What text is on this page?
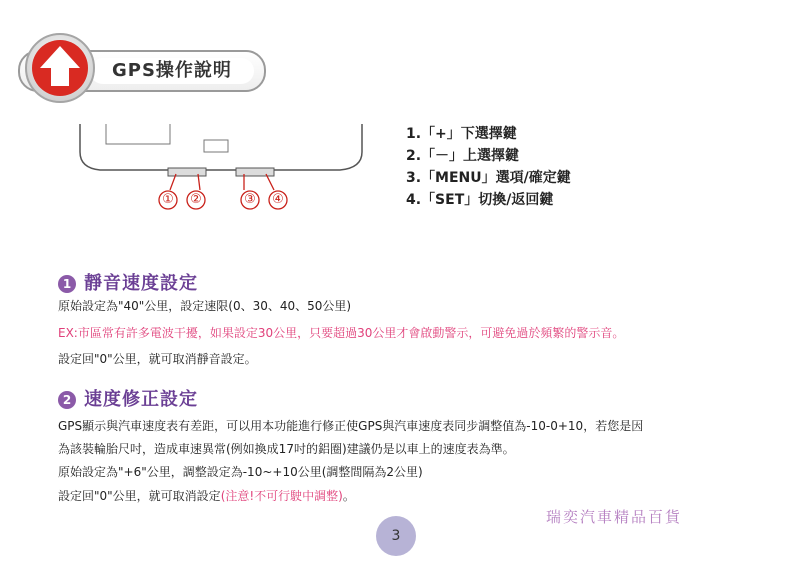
GPS操作說明
① ②	③ ④
1.「+」下選擇鍵
2.「－」上選擇鍵
3.「MENU」選項/確定鍵
4.「SET」切換/返回鍵
1 靜音速度設定
原始設定為"40"公里，設定速限(0、30、40、50公里)
EX:市區常有許多電波干擾，如果設定30公里，只要超過30公里才會啟動警示，可避免過於頻繁的警示音。
設定回"0"公里，就可取消靜音設定。
2 速度修正設定
GPS顯示與汽車速度表有差距，可以用本功能進行修正使GPS與汽車速度表同步調整值為-10-0+10，若您是因
為該裝輪胎尺吋，造成車速異常(例如換成17吋的鋁圈)建議仍是以車上的速度表為準。
原始設定為"+6"公里，調整設定為-10~+10公里(調整間隔為2公里)
設定回"0"公里，就可取消設定(注意!不可行駛中調整)。
3
瑞奕汽車精品百貨
